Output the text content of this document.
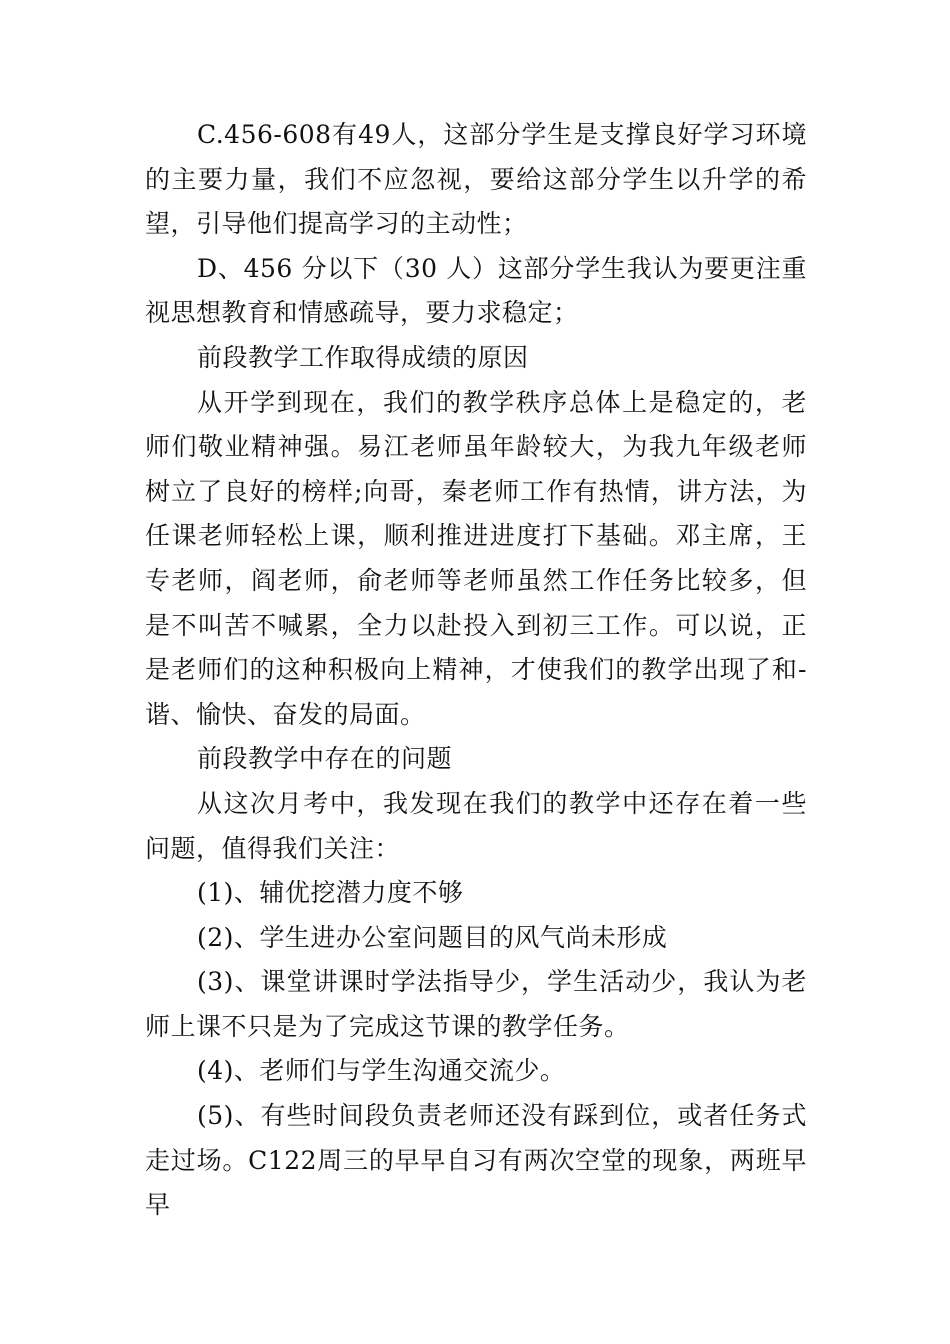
C.456-608有49人，这部分学生是支撑良好学习环境的主要力量，我们不应忽视，要给这部分学生以升学的希望，引导他们提高学习的主动性；

D、456 分以下（30 人）这部分学生我认为要更注重视思想教育和情感疏导，要力求稳定；

前段教学工作取得成绩的原因

从开学到现在，我们的教学秩序总体上是稳定的，老师们敬业精神强。易江老师虽年龄较大，为我九年级老师树立了良好的榜样;向哥，秦老师工作有热情，讲方法，为任课老师轻松上课，顺利推进进度打下基础。邓主席，王专老师，阎老师，俞老师等老师虽然工作任务比较多，但是不叫苦不喊累，全力以赴投入到初三工作。可以说，正是老师们的这种积极向上精神，才使我们的教学出现了和-谐、愉快、奋发的局面。

前段教学中存在的问题

从这次月考中，我发现在我们的教学中还存在着一些问题，值得我们关注：

(1)、辅优挖潜力度不够

(2)、学生进办公室问题目的风气尚未形成

(3)、课堂讲课时学法指导少，学生活动少，我认为老师上课不只是为了完成这节课的教学任务。

(4)、老师们与学生沟通交流少。

(5)、有些时间段负责老师还没有踩到位，或者任务式走过场。C122周三的早早自习有两次空堂的现象，两班早早
